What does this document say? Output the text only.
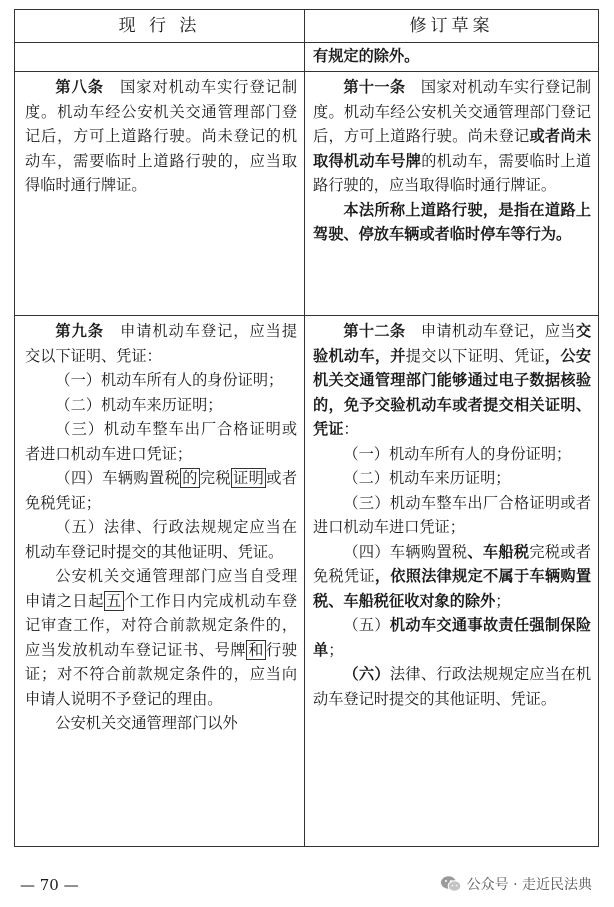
现 行 法	修订草案

有规定的除外。

第八条　国家对机动车实行登记制度。机动车经公安机关交通管理部门登记后，方可上道路行驶。尚未登记的机动车，需要临时上道路行驶的，应当取得临时通行牌证。

第十一条　国家对机动车实行登记制度。机动车经公安机关交通管理部门登记后，方可上道路行驶。尚未登记或者尚未取得机动车号牌的机动车，需要临时上道路行驶的，应当取得临时通行牌证。

本法所称上道路行驶，是指在道路上驾驶、停放车辆或者临时停车等行为。

第九条　申请机动车登记，应当提交以下证明、凭证：

（一）机动车所有人的身份证明；

（二）机动车来历证明；

（三）机动车整车出厂合格证明或者进口机动车进口凭证；

（四）车辆购置税 的 完税 证明 或者免税凭证；

（五）法律、行政法规规定应当在机动车登记时提交的其他证明、凭证。

公安机关交通管理部门应当自受理申请之日起 五 个工作日内完成机动车登记审查工作，对符合前款规定条件的，应当发放机动车登记证书、号牌 和 行驶证；对不符合前款规定条件的，应当向申请人说明不予登记的理由。

公安机关交通管理部门以外

第十二条　申请机动车登记，应当交验机动车，并提交以下证明、凭证，公安机关交通管理部门能够通过电子数据核验的，免予交验机动车或者提交相关证明、凭证：

（一）机动车所有人的身份证明；

（二）机动车来历证明；

（三）机动车整车出厂合格证明或者进口机动车进口凭证；

（四）车辆购置税、车船税完税或者免税凭证，依照法律规定不属于车辆购置税、车船税征收对象的除外；

（五）机动车交通事故责任强制保险单；

（六）法律、行政法规规定应当在机动车登记时提交的其他证明、凭证。

— 70 —	公众号 · 走近民法典
